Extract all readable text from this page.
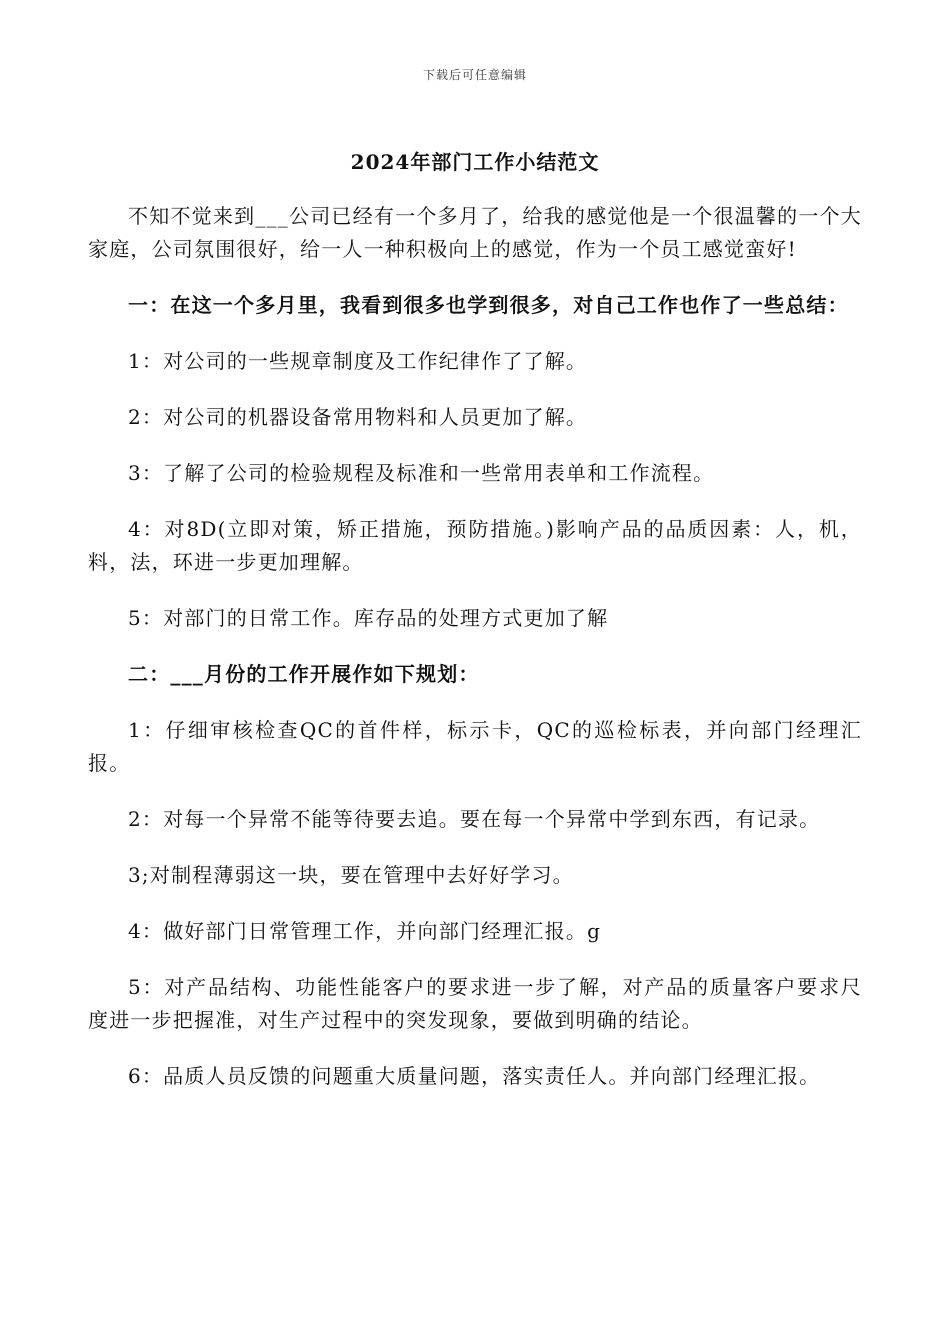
下载后可任意编辑
2024年部门工作小结范文

不知不觉来到___公司已经有一个多月了，给我的感觉他是一个很温馨的一个大家庭，公司氛围很好，给一人一种积极向上的感觉，作为一个员工感觉蛮好!

一：在这一个多月里，我看到很多也学到很多，对自己工作也作了一些总结：

1：对公司的一些规章制度及工作纪律作了了解。

2：对公司的机器设备常用物料和人员更加了解。

3：了解了公司的检验规程及标准和一些常用表单和工作流程。

4：对8D(立即对策，矫正措施，预防措施。)影响产品的品质因素：人，机，料，法，环进一步更加理解。

5：对部门的日常工作。库存品的处理方式更加了解

二：___月份的工作开展作如下规划：

1：仔细审核检查QC的首件样，标示卡，QC的巡检标表，并向部门经理汇报。

2：对每一个异常不能等待要去追。要在每一个异常中学到东西，有记录。

3;对制程薄弱这一块，要在管理中去好好学习。

4：做好部门日常管理工作，并向部门经理汇报。g

5：对产品结构、功能性能客户的要求进一步了解，对产品的质量客户要求尺度进一步把握准，对生产过程中的突发现象，要做到明确的结论。

6：品质人员反馈的问题重大质量问题，落实责任人。并向部门经理汇报。
